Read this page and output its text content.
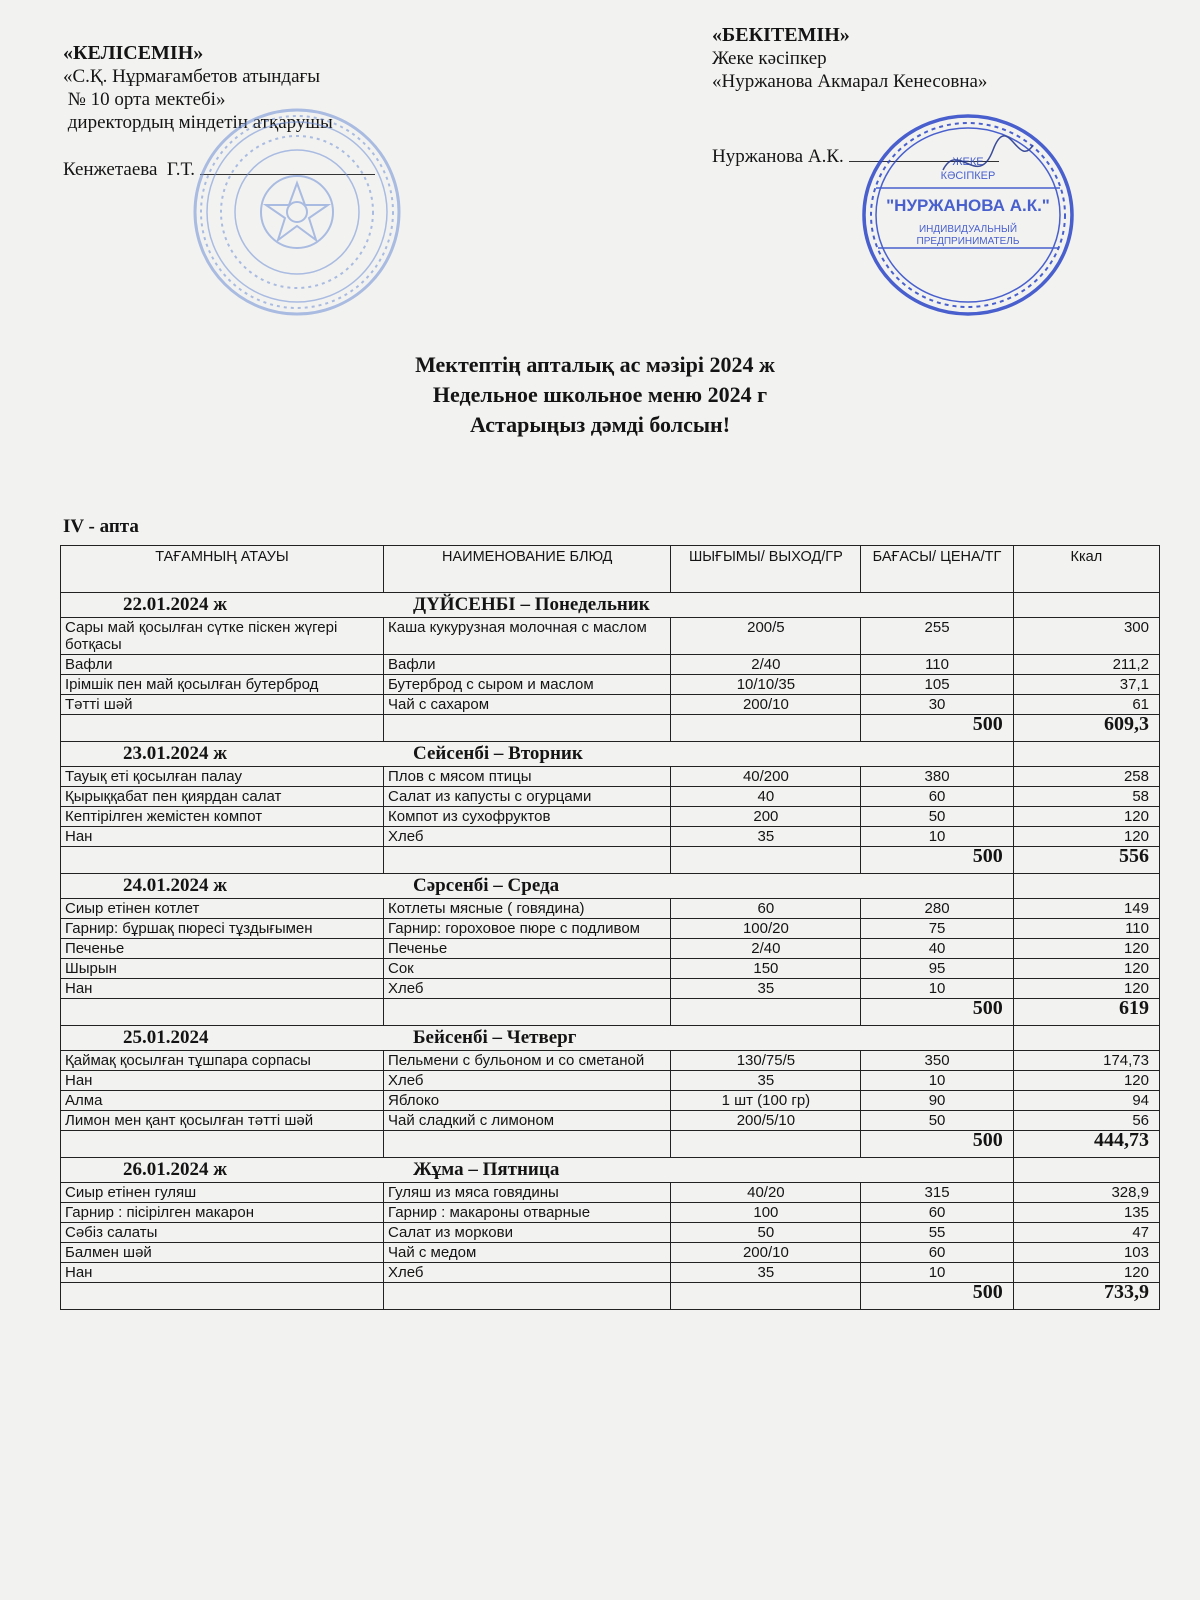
«КЕЛІСЕМІН»
«С.Қ. Нұрмағамбетов атындағы
№ 10 орта мектебі»
директордың міндетін атқарушы
Кенжетаева  Г.Т.
«БЕКІТЕМІН»
Жеке кәсіпкер
«Нуржанова Акмарал Кенесовна»
Нуржанова А.К.	ЖЕКЕ
КӘСІПКЕР
"НУРЖАНОВА А.К."
ИНДИВИДУАЛЬНЫЙ
ПРЕДПРИНИМАТЕЛЬ
Мектептің апталық ас мәзірі 2024 ж
Недельное школьное меню 2024 г
Астарыңыз дәмді болсын!
IV - апта
ТАҒАМНЫҢ АТАУЫ	НАИМЕНОВАНИЕ БЛЮД	ШЫҒЫМЫ/ ВЫХОД/ГР	БАҒАСЫ/ ЦЕНА/ТГ	Ккал
22.01.2024 ж ДҮЙСЕНБІ – Понедельник				
Сары май қосылған сүтке піскен жүгері ботқасы	Каша кукурузная молочная с маслом	200/5	255	300
Вафли	Вафли	2/40	110	211,2
Ірімшік пен май қосылған бутерброд	Бутерброд с сыром и маслом	10/10/35	105	37,1
Тәтті шәй	Чай с сахаром	200/10	30	61
			500	609,3
23.01.2024 ж Сейсенбі – Вторник				
Тауық еті қосылған палау	Плов с мясом птицы	40/200	380	258
Қырыққабат пен қиярдан салат	Салат из капусты с огурцами	40	60	58
Кептірілген жемістен компот	Компот из сухофруктов	200	50	120
Нан	Хлеб	35	10	120
			500	556
24.01.2024 ж Сәрсенбі – Среда				
Сиыр етінен котлет	Котлеты мясные ( говядина)	60	280	149
Гарнир: бұршақ пюресі тұздығымен	Гарнир: гороховое пюре с подливом	100/20	75	110
Печенье	Печенье	2/40	40	120
Шырын	Сок	150	95	120
Нан	Хлеб	35	10	120
			500	619
25.01.2024 Бейсенбі – Четверг				
Қаймақ қосылған тұшпара сорпасы	Пельмени с бульоном и со сметаной	130/75/5	350	174,73
Нан	Хлеб	35	10	120
Алма	Яблоко	1 шт (100 гр)	90	94
Лимон мен қант қосылған тәтті шәй	Чай сладкий с лимоном	200/5/10	50	56
			500	444,73
26.01.2024 ж Жұма – Пятница				
Сиыр етінен гуляш	Гуляш из мяса говядины	40/20	315	328,9
Гарнир : пісірілген макарон	Гарнир : макароны отварные	100	60	135
Сәбіз салаты	Салат из моркови	50	55	47
Балмен шәй	Чай с медом	200/10	60	103
Нан	Хлеб	35	10	120
			500	733,9
